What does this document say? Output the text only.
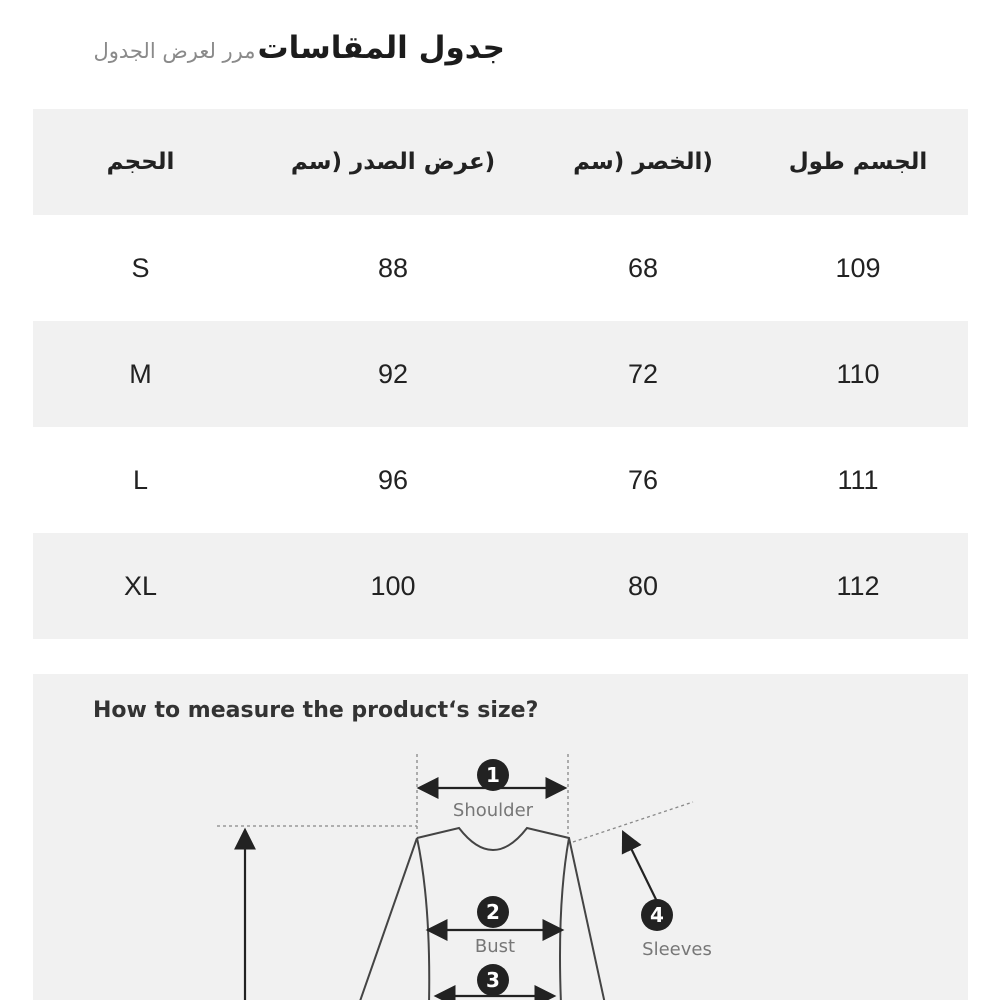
جدول المقاسات
مرر لعرض الجدول
الجسم طول
(الخصر (سم
(عرض الصدر (سم
الحجم
109
68
88
S
110
72
92
M
111
76
96
L
112
80
100
XL
How to measure the product‘s size?
1
Shoulder
2
Bust
3
4
Sleeves
